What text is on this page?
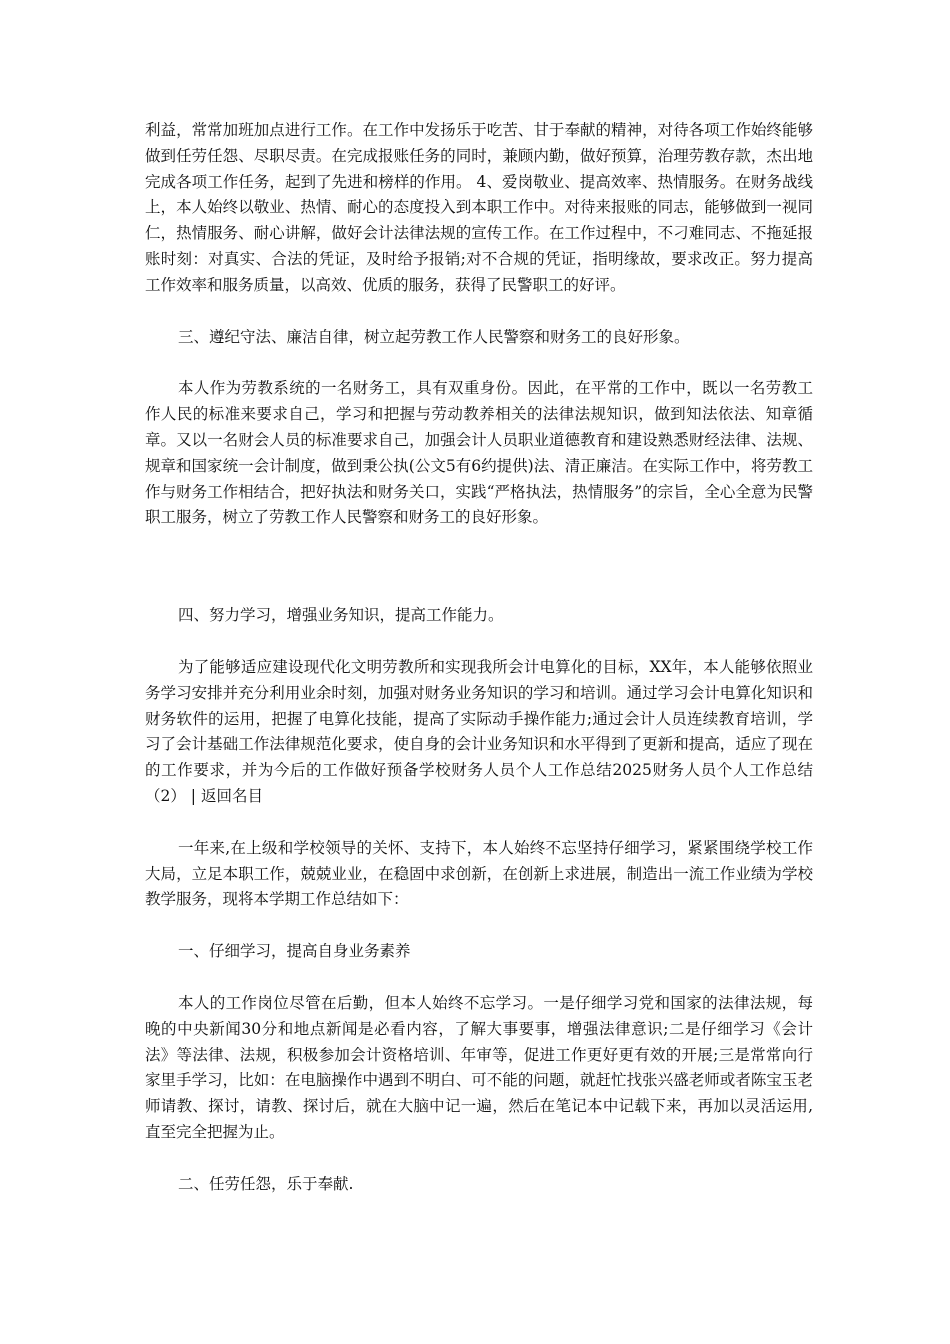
利益，常常加班加点进行工作。在工作中发扬乐于吃苦、甘于奉献的精神，对待各项工作始终能够做到任劳任怨、尽职尽责。在完成报账任务的同时，兼顾内勤，做好预算，治理劳教存款，杰出地完成各项工作任务，起到了先进和榜样的作用。 4、爱岗敬业、提高效率、热情服务。在财务战线上，本人始终以敬业、热情、耐心的态度投入到本职工作中。对待来报账的同志，能够做到一视同仁，热情服务、耐心讲解，做好会计法律法规的宣传工作。在工作过程中，不刁难同志、不拖延报账时刻：对真实、合法的凭证，及时给予报销;对不合规的凭证，指明缘故，要求改正。努力提高工作效率和服务质量，以高效、优质的服务，获得了民警职工的好评。

三、遵纪守法、廉洁自律，树立起劳教工作人民警察和财务工的良好形象。

本人作为劳教系统的一名财务工，具有双重身份。因此，在平常的工作中，既以一名劳教工作人民的标准来要求自己，学习和把握与劳动教养相关的法律法规知识，做到知法依法、知章循章。又以一名财会人员的标准要求自己，加强会计人员职业道德教育和建设熟悉财经法律、法规、规章和国家统一会计制度，做到秉公执(公文5有6约提供)法、清正廉洁。在实际工作中，将劳教工作与财务工作相结合，把好执法和财务关口，实践“严格执法，热情服务”的宗旨，全心全意为民警职工服务，树立了劳教工作人民警察和财务工的良好形象。

四、努力学习，增强业务知识，提高工作能力。

为了能够适应建设现代化文明劳教所和实现我所会计电算化的目标，XX年，本人能够依照业务学习安排并充分利用业余时刻，加强对财务业务知识的学习和培训。通过学习会计电算化知识和财务软件的运用，把握了电算化技能，提高了实际动手操作能力;通过会计人员连续教育培训，学习了会计基础工作法律规范化要求，使自身的会计业务知识和水平得到了更新和提高，适应了现在的工作要求，并为今后的工作做好预备学校财务人员个人工作总结2025财务人员个人工作总结（2） | 返回名目

一年来,在上级和学校领导的关怀、支持下，本人始终不忘坚持仔细学习，紧紧围绕学校工作大局，立足本职工作，兢兢业业，在稳固中求创新，在创新上求进展，制造出一流工作业绩为学校教学服务，现将本学期工作总结如下：

一、仔细学习，提高自身业务素养

本人的工作岗位尽管在后勤，但本人始终不忘学习。一是仔细学习党和国家的法律法规，每晚的中央新闻30分和地点新闻是必看内容，了解大事要事，增强法律意识;二是仔细学习《会计法》等法律、法规，积极参加会计资格培训、年审等，促进工作更好更有效的开展;三是常常向行家里手学习，比如：在电脑操作中遇到不明白、可不能的问题，就赶忙找张兴盛老师或者陈宝玉老师请教、探讨，请教、探讨后，就在大脑中记一遍，然后在笔记本中记载下来，再加以灵活运用,直至完全把握为止。

二、任劳任怨，乐于奉献.
